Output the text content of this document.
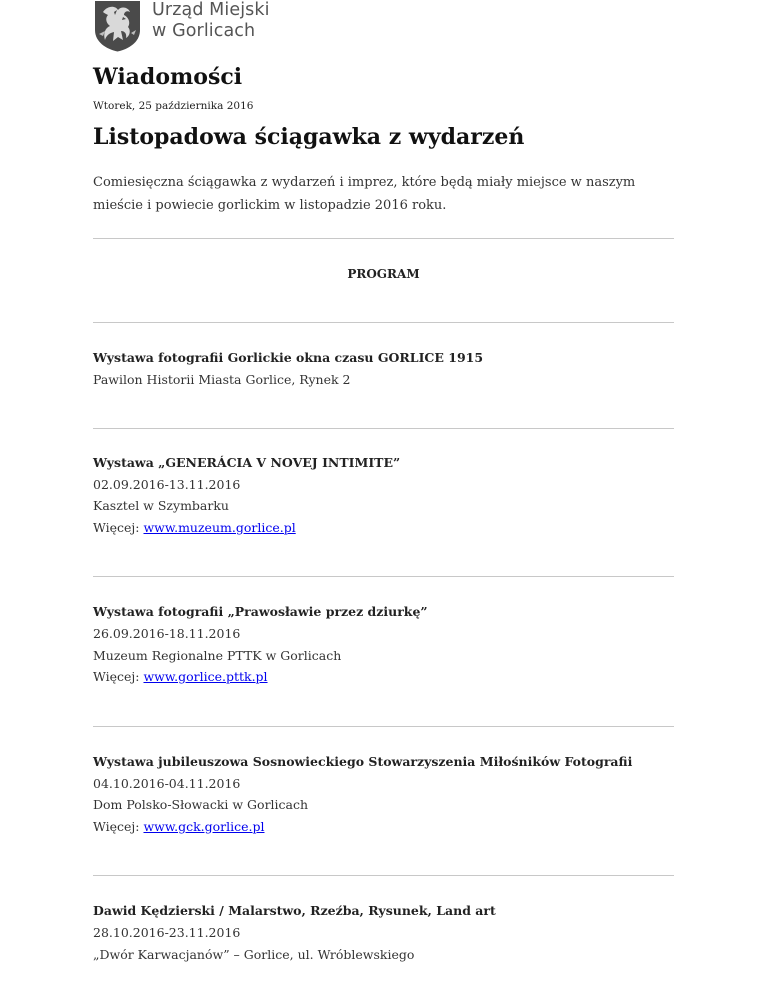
Urząd Miejski
w Gorlicach
Wiadomości
Wtorek, 25 października 2016
Listopadowa ściągawka z wydarzeń

Comiesięczna ściągawka z wydarzeń i imprez, które będą miały miejsce w naszym mieście i powiecie gorlickim w listopadzie 2016 roku.

PROGRAM
Wystawa fotografii Gorlickie okna czasu GORLICE 1915
Pawilon Historii Miasta Gorlice, Rynek 2
Wystawa „GENERÁCIA V NOVEJ INTIMITE”
02.09.2016-13.11.2016
Kasztel w Szymbarku
Więcej: www.muzeum.gorlice.pl
Wystawa fotografii „Prawosławie przez dziurkę”
26.09.2016-18.11.2016
Muzeum Regionalne PTTK w Gorlicach
Więcej: www.gorlice.pttk.pl
Wystawa jubileuszowa Sosnowieckiego Stowarzyszenia Miłośników Fotografii
04.10.2016-04.11.2016
Dom Polsko-Słowacki w Gorlicach
Więcej: www.gck.gorlice.pl
Dawid Kędzierski / Malarstwo, Rzeźba, Rysunek, Land art
28.10.2016-23.11.2016
„Dwór Karwacjanów” – Gorlice, ul. Wróblewskiego
